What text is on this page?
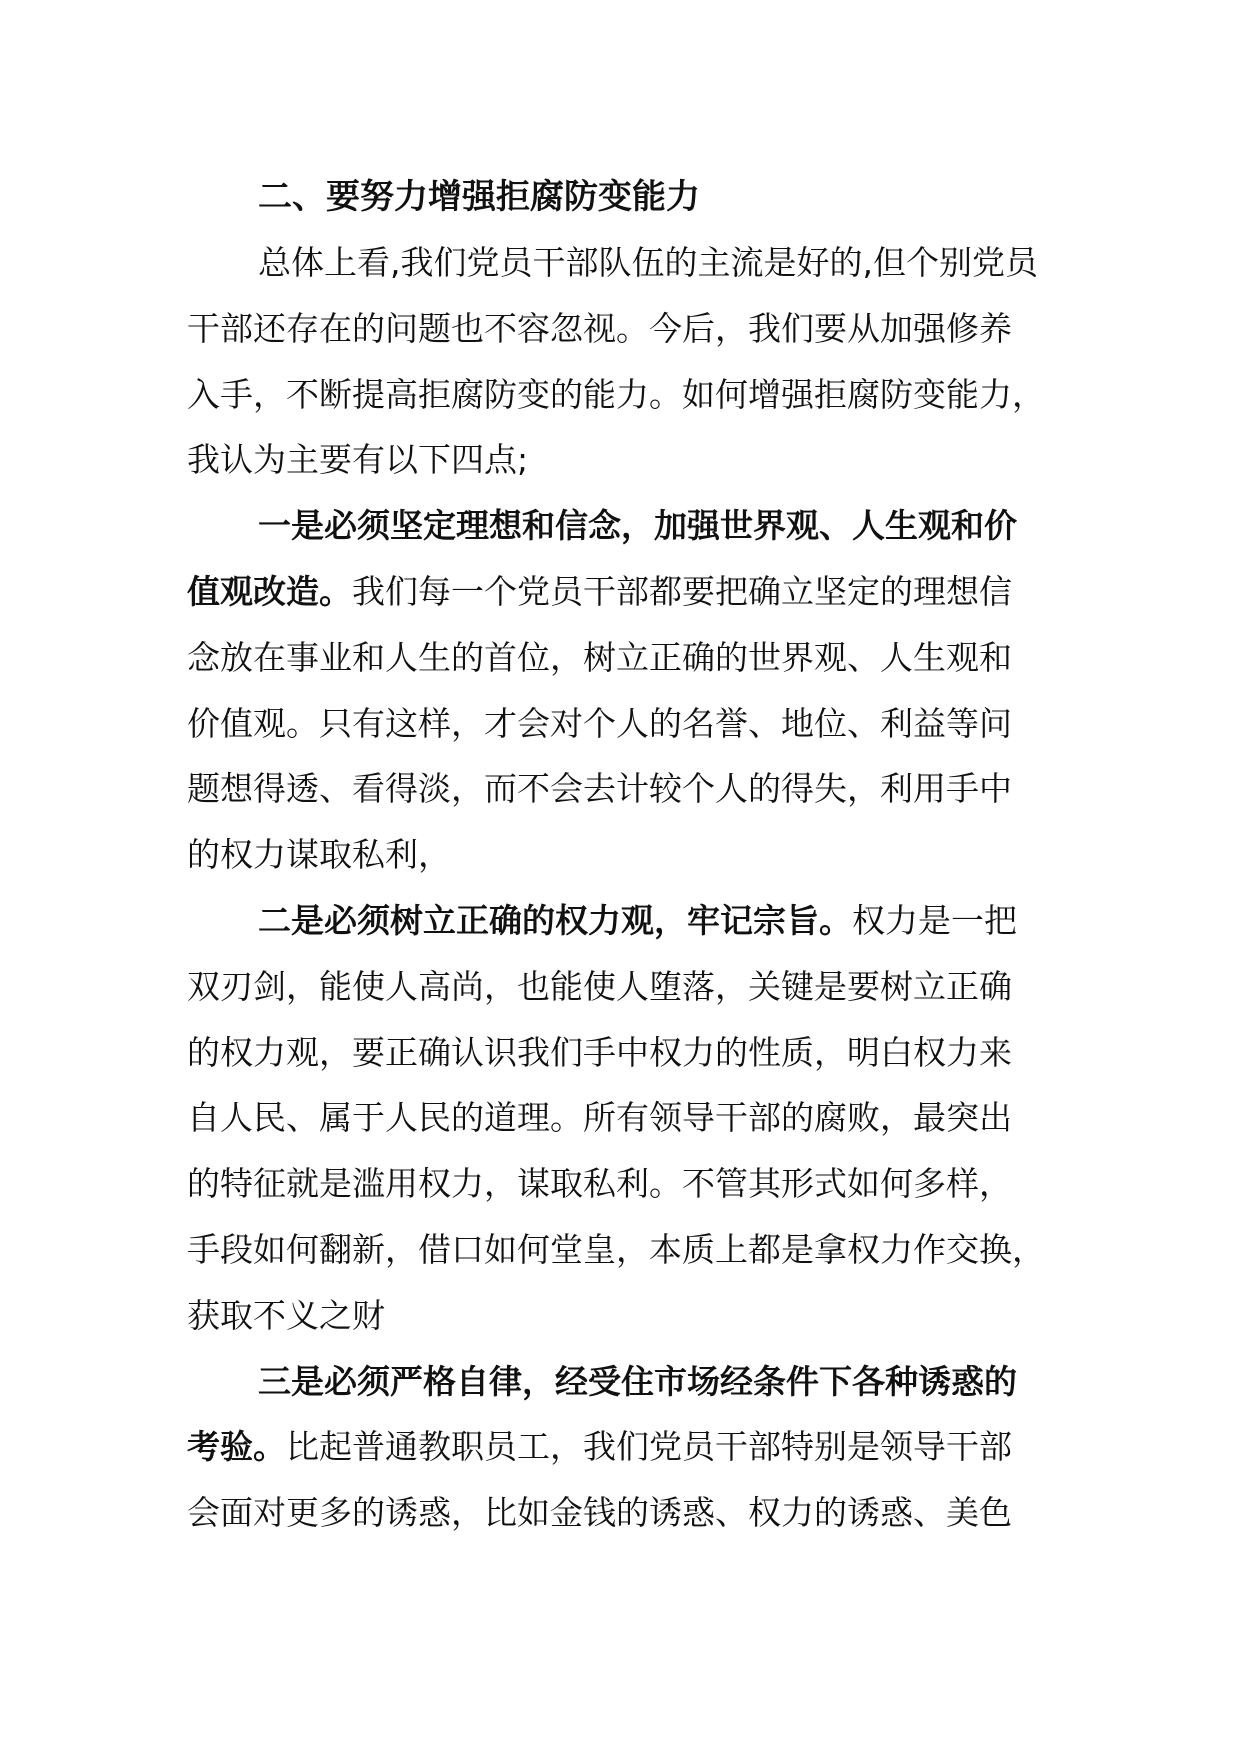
二、要努力增强拒腐防变能力
总体上看,我们党员干部队伍的主流是好的,但个别党员
干部还存在的问题也不容忽视。今后，我们要从加强修养
入手，不断提高拒腐防变的能力。如何增强拒腐防变能力，
我认为主要有以下四点;
一是必须坚定理想和信念，加强世界观、人生观和价
值观改造。我们每一个党员干部都要把确立坚定的理想信
念放在事业和人生的首位，树立正确的世界观、人生观和
价值观。只有这样，才会对个人的名誉、地位、利益等问
题想得透、看得淡，而不会去计较个人的得失，利用手中
的权力谋取私利，
二是必须树立正确的权力观，牢记宗旨。权力是一把
双刃剑，能使人高尚，也能使人堕落，关键是要树立正确
的权力观，要正确认识我们手中权力的性质，明白权力来
自人民、属于人民的道理。所有领导干部的腐败，最突出
的特征就是滥用权力，谋取私利。不管其形式如何多样，
手段如何翻新，借口如何堂皇，本质上都是拿权力作交换，
获取不义之财
三是必须严格自律，经受住市场经条件下各种诱惑的
考验。比起普通教职员工，我们党员干部特别是领导干部
会面对更多的诱惑，比如金钱的诱惑、权力的诱惑、美色
